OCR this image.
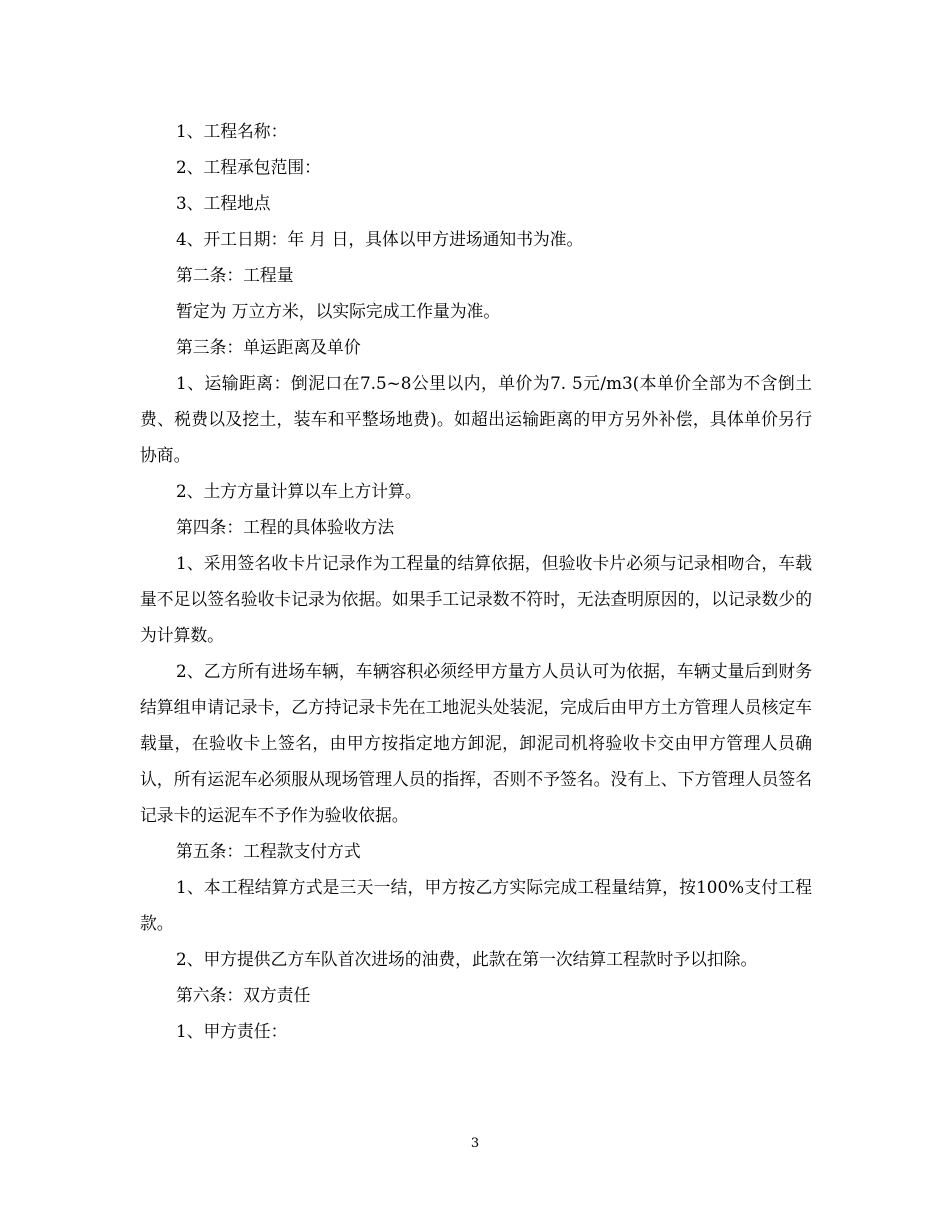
1、工程名称：

2、工程承包范围：

3、工程地点

4、开工日期：年 月 日，具体以甲方进场通知书为准。

第二条：工程量

暂定为 万立方米，以实际完成工作量为准。

第三条：单运距离及单价

1、运输距离：倒泥口在7.5~8公里以内，单价为7. 5元/m3(本单价全部为不含倒土费、税费以及挖土，装车和平整场地费)。如超出运输距离的甲方另外补偿，具体单价另行协商。

2、土方方量计算以车上方计算。

第四条：工程的具体验收方法

1、采用签名收卡片记录作为工程量的结算依据，但验收卡片必须与记录相吻合，车载量不足以签名验收卡记录为依据。如果手工记录数不符时，无法查明原因的，以记录数少的为计算数。

2、乙方所有进场车辆，车辆容积必须经甲方量方人员认可为依据，车辆丈量后到财务结算组申请记录卡，乙方持记录卡先在工地泥头处装泥，完成后由甲方土方管理人员核定车载量，在验收卡上签名，由甲方按指定地方卸泥，卸泥司机将验收卡交由甲方管理人员确认，所有运泥车必须服从现场管理人员的指挥，否则不予签名。没有上、下方管理人员签名记录卡的运泥车不予作为验收依据。

第五条：工程款支付方式

1、本工程结算方式是三天一结，甲方按乙方实际完成工程量结算，按100%支付工程款。

2、甲方提供乙方车队首次进场的油费，此款在第一次结算工程款时予以扣除。

第六条：双方责任

1、甲方责任：

3
